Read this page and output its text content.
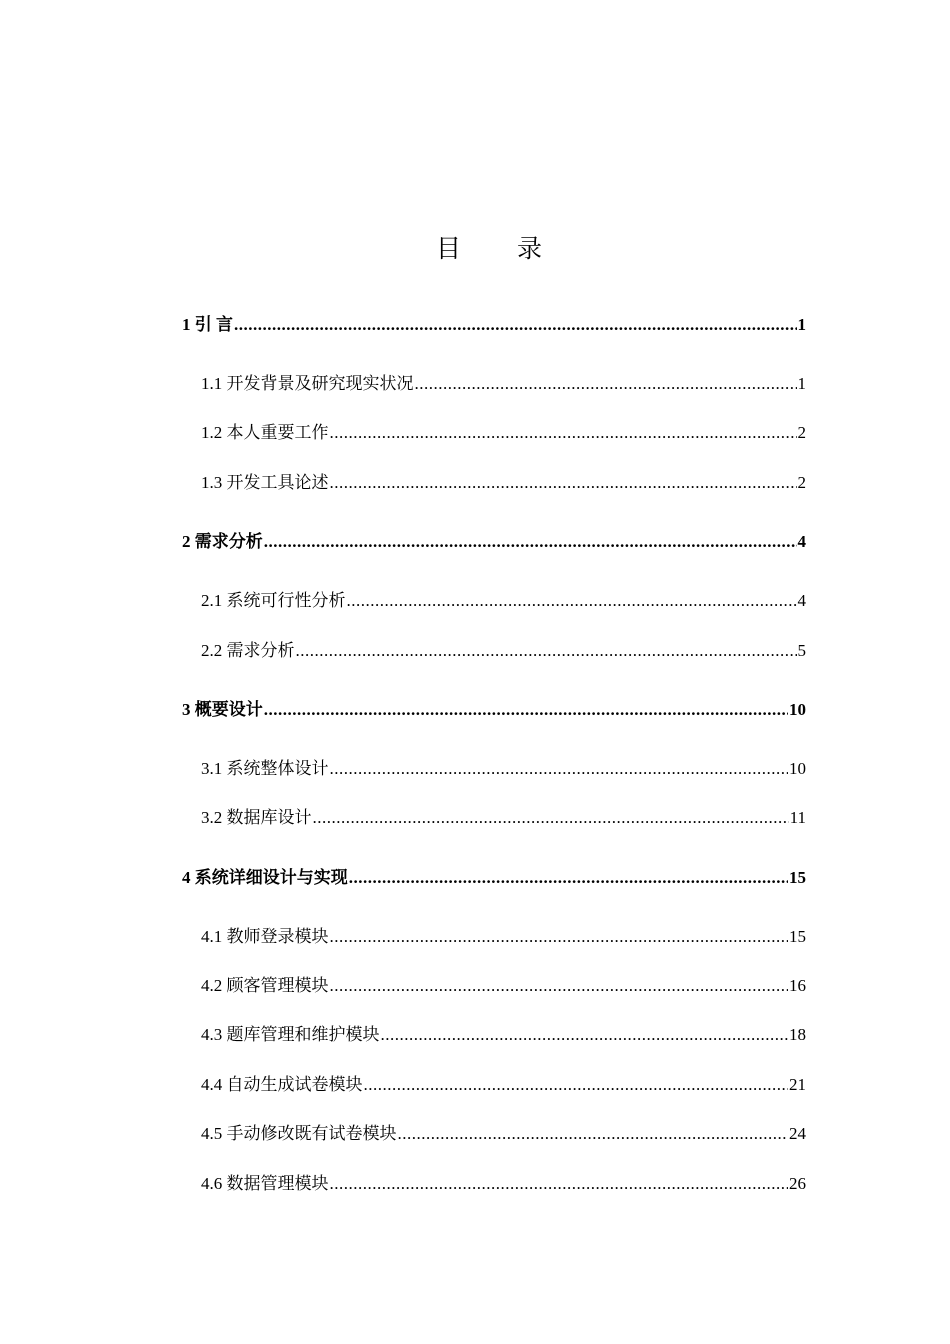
目 录
1 引 言 .....	1
1.1 开发背景及研究现实状况 .....	1
1.2 本人重要工作 .....	2
1.3 开发工具论述 .....	2
2 需求分析 .....	4
2.1 系统可行性分析 .....	4
2.2 需求分析 .....	5
3 概要设计 .....	10
3.1 系统整体设计 .....	10
3.2 数据库设计 .....	11
4 系统详细设计与实现 .....	15
4.1 教师登录模块 .....	15
4.2 顾客管理模块 .....	16
4.3 题库管理和维护模块 .....	18
4.4 自动生成试卷模块 .....	21
4.5 手动修改既有试卷模块 .....	24
4.6 数据管理模块 .....	26
